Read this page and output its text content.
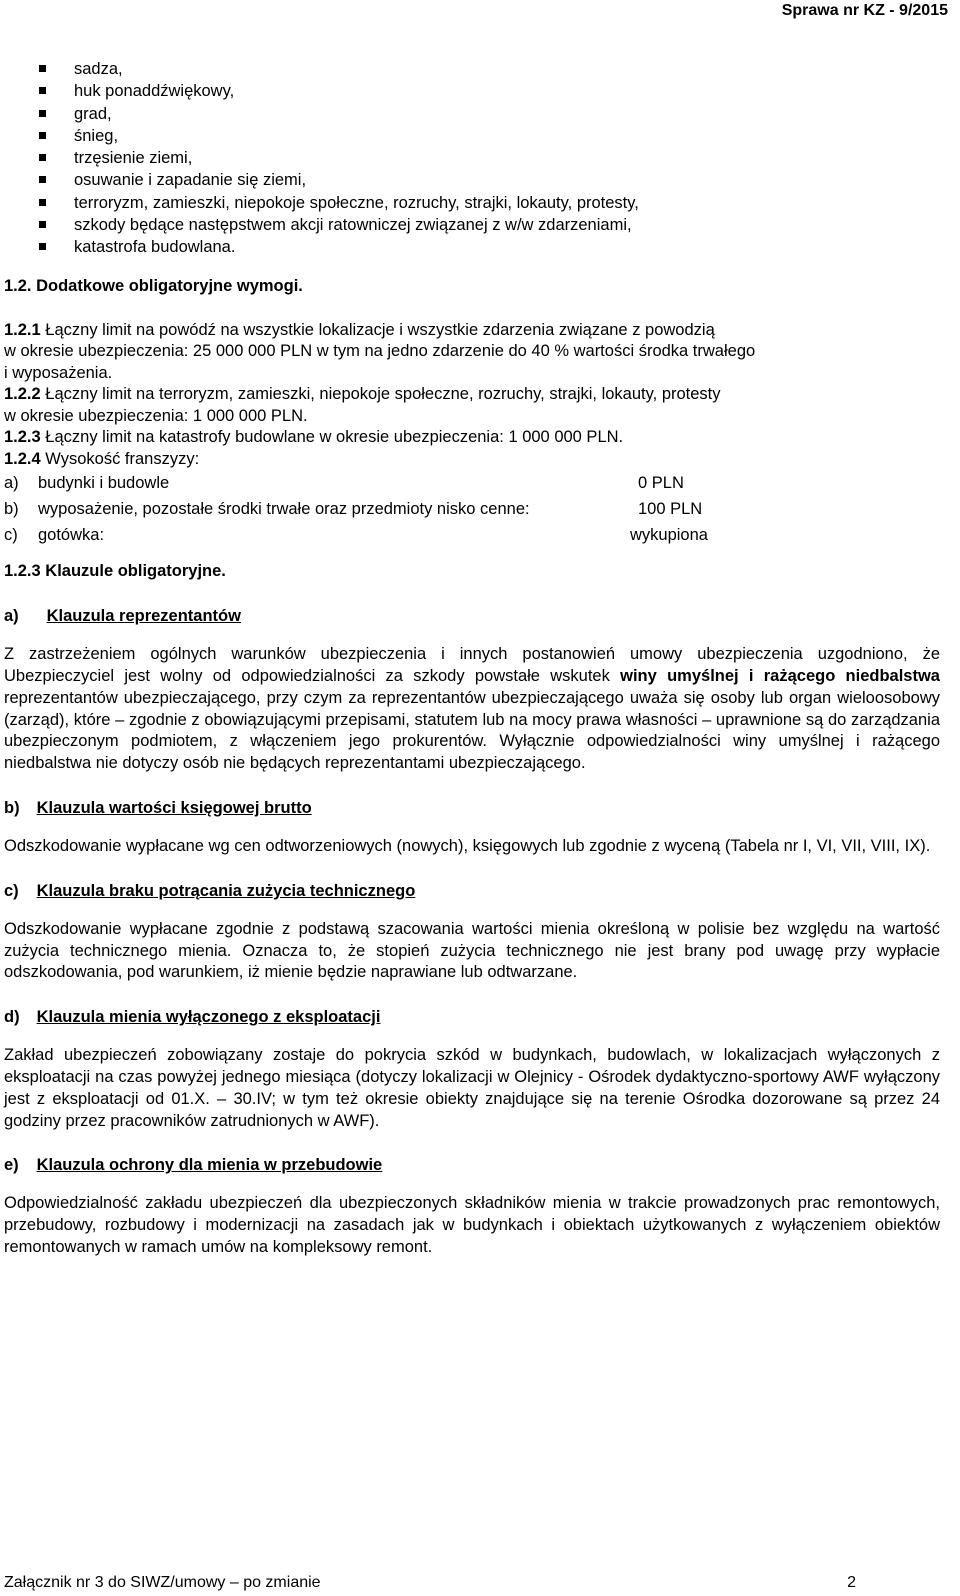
Sprawa nr KZ - 9/2015
sadza,
huk ponaddźwiękowy,
grad,
śnieg,
trzęsienie ziemi,
osuwanie i zapadanie się ziemi,
terroryzm, zamieszki, niepokoje społeczne, rozruchy, strajki, lokauty, protesty,
szkody będące następstwem akcji ratowniczej związanej z w/w zdarzeniami,
katastrofa budowlana.
1.2. Dodatkowe obligatoryjne wymogi.
1.2.1 Łączny limit na powódź na wszystkie lokalizacje i wszystkie zdarzenia związane z powodzią
w okresie ubezpieczenia: 25 000 000 PLN w tym na jedno zdarzenie do 40 % wartości środka trwałego
i wyposażenia.
1.2.2 Łączny limit na terroryzm, zamieszki, niepokoje społeczne, rozruchy, strajki, lokauty, protesty
w okresie ubezpieczenia: 1 000 000 PLN.
1.2.3 Łączny limit na katastrofy budowlane w okresie ubezpieczenia: 1 000 000 PLN.
1.2.4 Wysokość franszyzy:
a)	budynki i budowle	0 PLN
b)	wyposażenie, pozostałe środki trwałe oraz przedmioty nisko cenne:	100 PLN
c)	gotówka:	wykupiona
1.2.3 Klauzule obligatoryjne.
a) Klauzula reprezentantów
Z zastrzeżeniem ogólnych warunków ubezpieczenia i innych postanowień umowy ubezpieczenia uzgodniono, że Ubezpieczyciel jest wolny od odpowiedzialności za szkody powstałe wskutek winy umyślnej i rażącego niedbalstwa reprezentantów ubezpieczającego, przy czym za reprezentantów ubezpieczającego uważa się osoby lub organ wieloosobowy (zarząd), które – zgodnie z obowiązującymi przepisami, statutem lub na mocy prawa własności – uprawnione są do zarządzania ubezpieczonym podmiotem, z włączeniem jego prokurentów. Wyłącznie odpowiedzialności winy umyślnej i rażącego niedbalstwa nie dotyczy osób nie będących reprezentantami ubezpieczającego.
b) Klauzula wartości księgowej brutto
Odszkodowanie wypłacane wg cen odtworzeniowych (nowych), księgowych lub zgodnie z wyceną (Tabela nr I, VI, VII, VIII, IX).
c) Klauzula braku potrącania zużycia technicznego
Odszkodowanie wypłacane zgodnie z podstawą szacowania wartości mienia określoną w polisie bez względu na wartość zużycia technicznego mienia. Oznacza to, że stopień zużycia technicznego nie jest brany pod uwagę przy wypłacie odszkodowania, pod warunkiem, iż mienie będzie naprawiane lub odtwarzane.
d) Klauzula mienia wyłączonego z eksploatacji
Zakład ubezpieczeń zobowiązany zostaje do pokrycia szkód w budynkach, budowlach, w lokalizacjach wyłączonych z eksploatacji na czas powyżej jednego miesiąca (dotyczy lokalizacji w Olejnicy - Ośrodek dydaktyczno-sportowy AWF wyłączony jest z eksploatacji od 01.X. – 30.IV; w tym też okresie obiekty znajdujące się na terenie Ośrodka dozorowane są przez 24 godziny przez pracowników zatrudnionych w AWF).
e) Klauzula ochrony dla mienia w przebudowie
Odpowiedzialność zakładu ubezpieczeń dla ubezpieczonych składników mienia w trakcie prowadzonych prac remontowych, przebudowy, rozbudowy i modernizacji na zasadach jak w budynkach i obiektach użytkowanych z wyłączeniem obiektów remontowanych w ramach umów na kompleksowy remont.
Załącznik nr 3 do SIWZ/umowy – po zmianie	2
